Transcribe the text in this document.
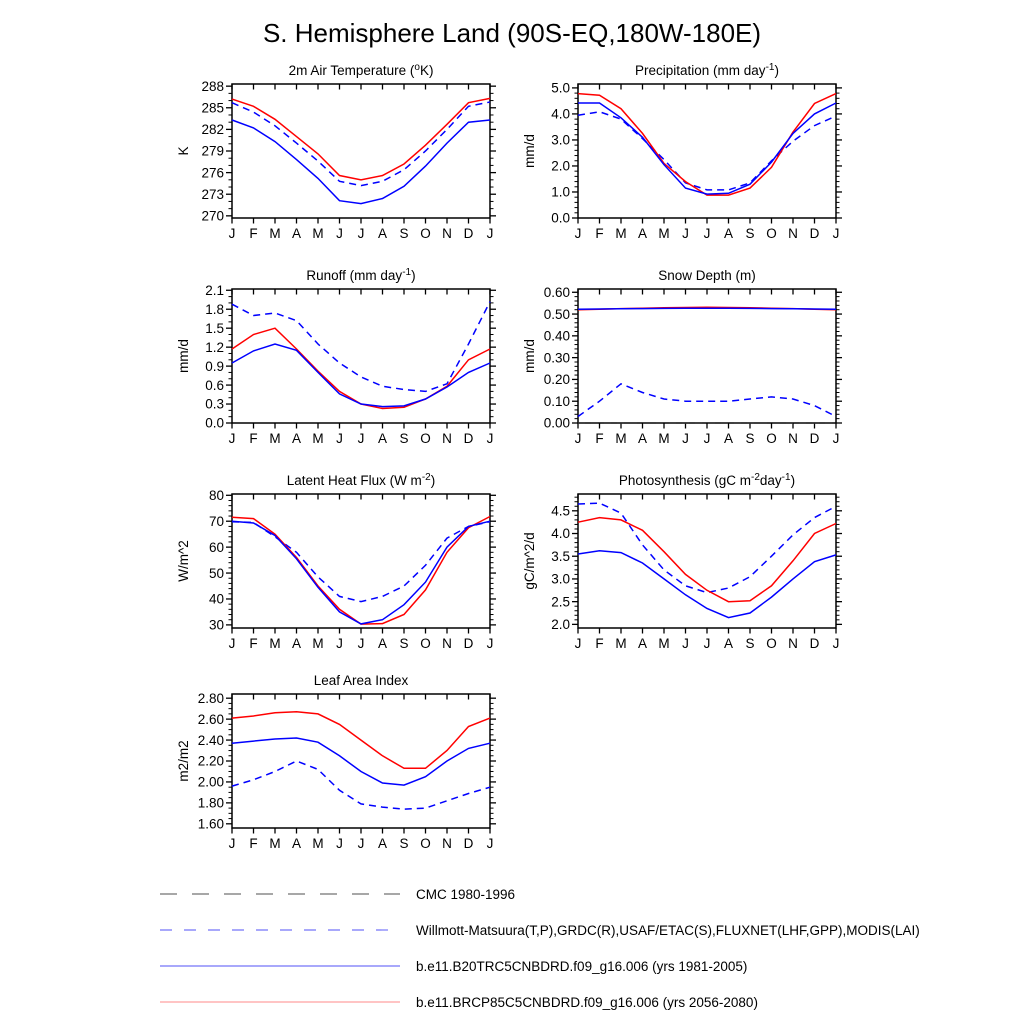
S. Hemisphere Land (90S-EQ,180W-180E)
2m Air Temperature ($^o$K)
K
270
273
276
279
282
285
288
J F M A M J J A S O N D J
Precipitation (mm day$^{-1}$)
mm/d
0.0
1.0
2.0
3.0
4.0
5.0
J F M A M J J A S O N D J
Runoff (mm day$^{-1}$)
mm/d
0.0
0.3
0.6
0.9
1.2
1.5
1.8
2.1
J F M A M J J A S O N D J
Snow Depth (m)
mm/d
0.00
0.10
0.20
0.30
0.40
0.50
0.60
J F M A M J J A S O N D J
Latent Heat Flux (W $m^{-2}$)
W/m^2
30
40
50
60
70
80
J F M A M J J A S O N D J
Photosynthesis (gC $m^{-2}day^{-1}$)
gC/m^2/d
2.0
2.5
3.0
3.5
4.0
4.5
J F M A M J J A S O N D J
Leaf Area Index
m2/m2
1.60
1.80
2.00
2.20
2.40
2.60
2.80
J F M A M J J A S O N D J
CMC 1980-1996
Willmott-Matsuura(T,P),GRDC(R),USAF/ETAC(S),FLUXNET(LHF,GPP),MODIS(LAI)
b.e11.B20TRC5CNBDRD.f09_g16.006 (yrs 1981-2005)
b.e11.BRCP85C5CNBDRD.f09_g16.006 (yrs 2056-2080)
